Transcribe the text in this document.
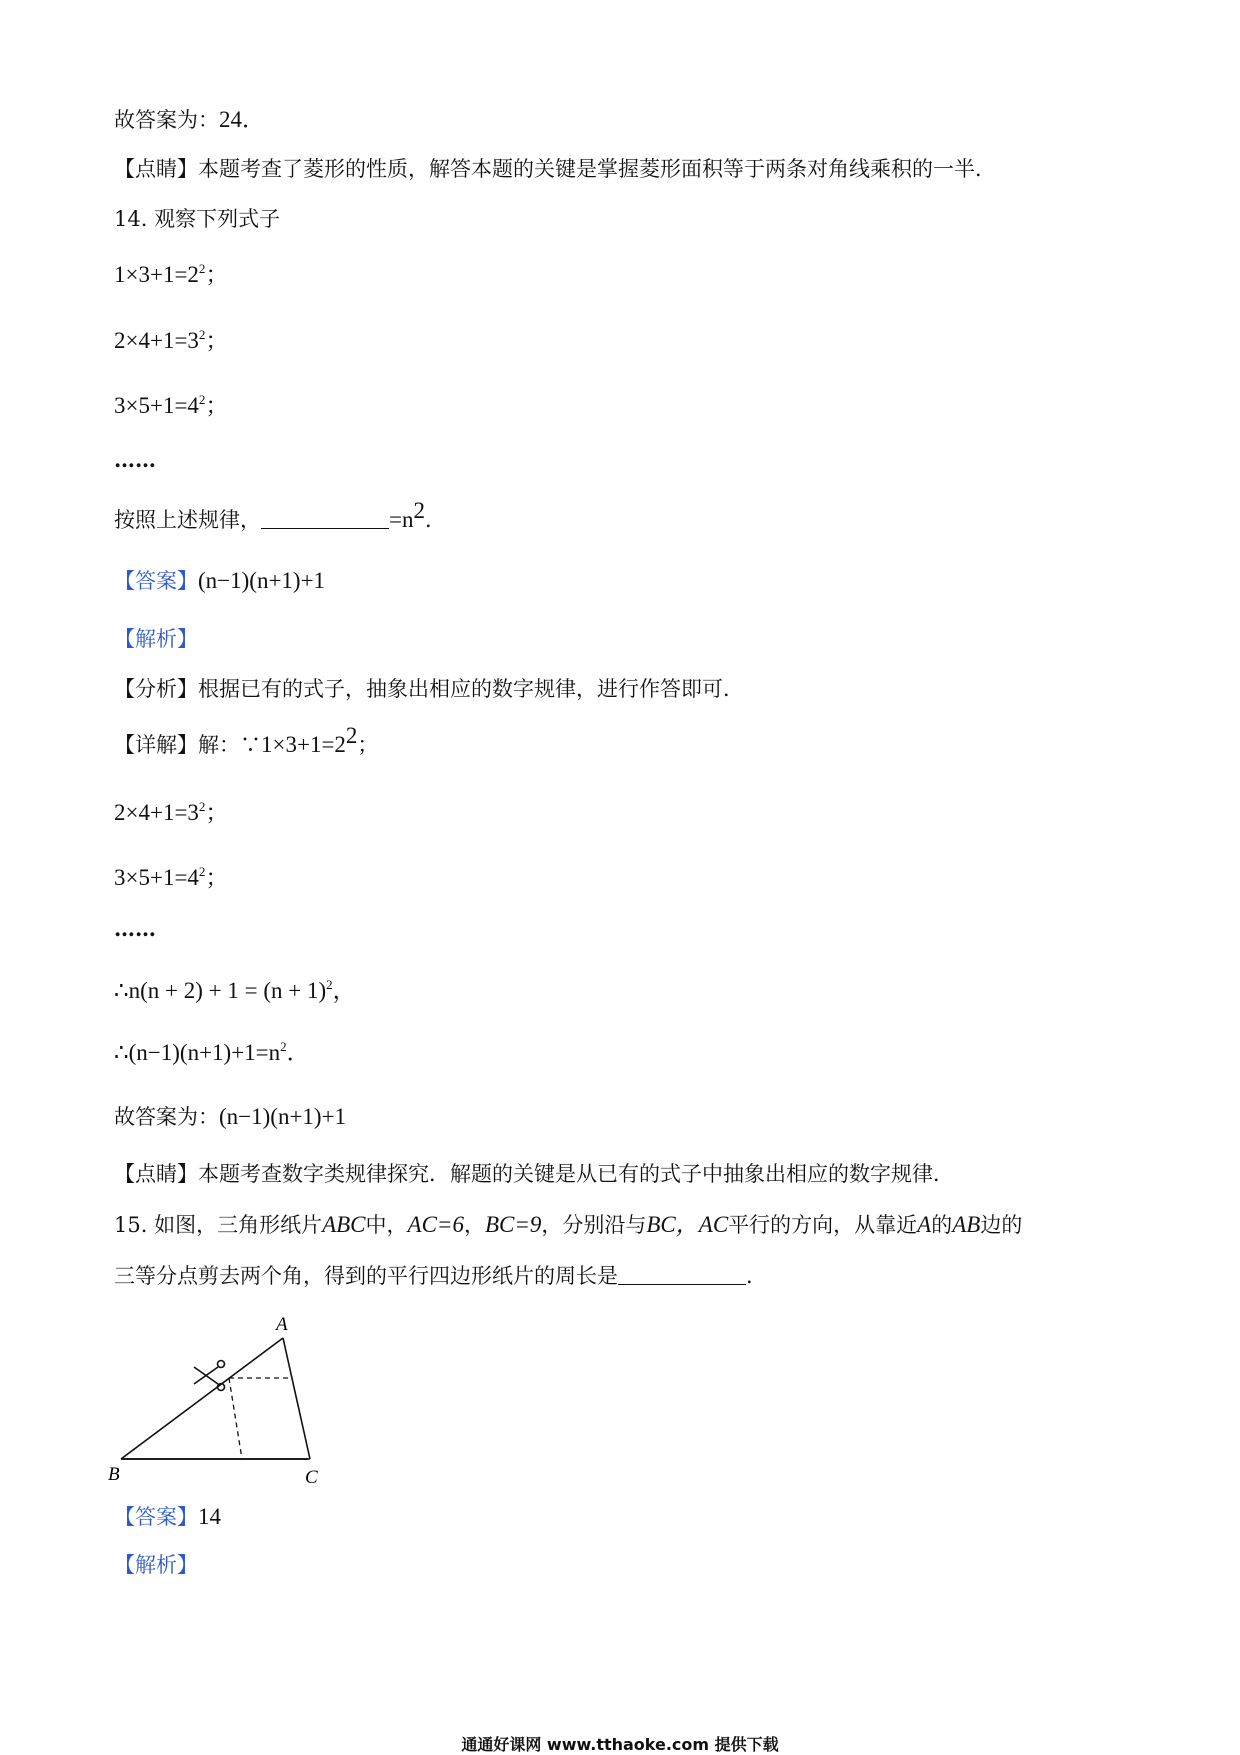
故答案为：24．
【点睛】本题考查了菱形的性质，解答本题的关键是掌握菱形面积等于两条对角线乘积的一半．
14. 观察下列式子
$1\times 3+1=2^2$；
$2\times 4+1=3^2$；
$3\times 5+1=4^2$；
……
按照上述规律，	$=n^2$．
【答案】(n−1)(n+1)+1
【解析】
【分析】根据已有的式子，抽象出相应的数字规律，进行作答即可．
【详解】解：$\because 1\times 3+1=2^2$；
$2\times 4+1=3^2$；
$3\times 5+1=4^2$；
……
∴n(n + $2) + 1 = (n + 1)^2$，
$\therefore(n-1)(n+1)+1=n^2$．
故答案为：(n−1)(n+1)+1
【点睛】本题考查数字类规律探究．解题的关键是从已有的式子中抽象出相应的数字规律．
15. 如图，三角形纸片ABC中，AC=6，BC=9，分别沿与BC，AC平行的方向，从靠近A的AB边的
三等分点剪去两个角，得到的平行四边形纸片的周长是	．
A
B	C
【答案】14
【解析】
通通好课网 www.tthaoke.com 提供下载
